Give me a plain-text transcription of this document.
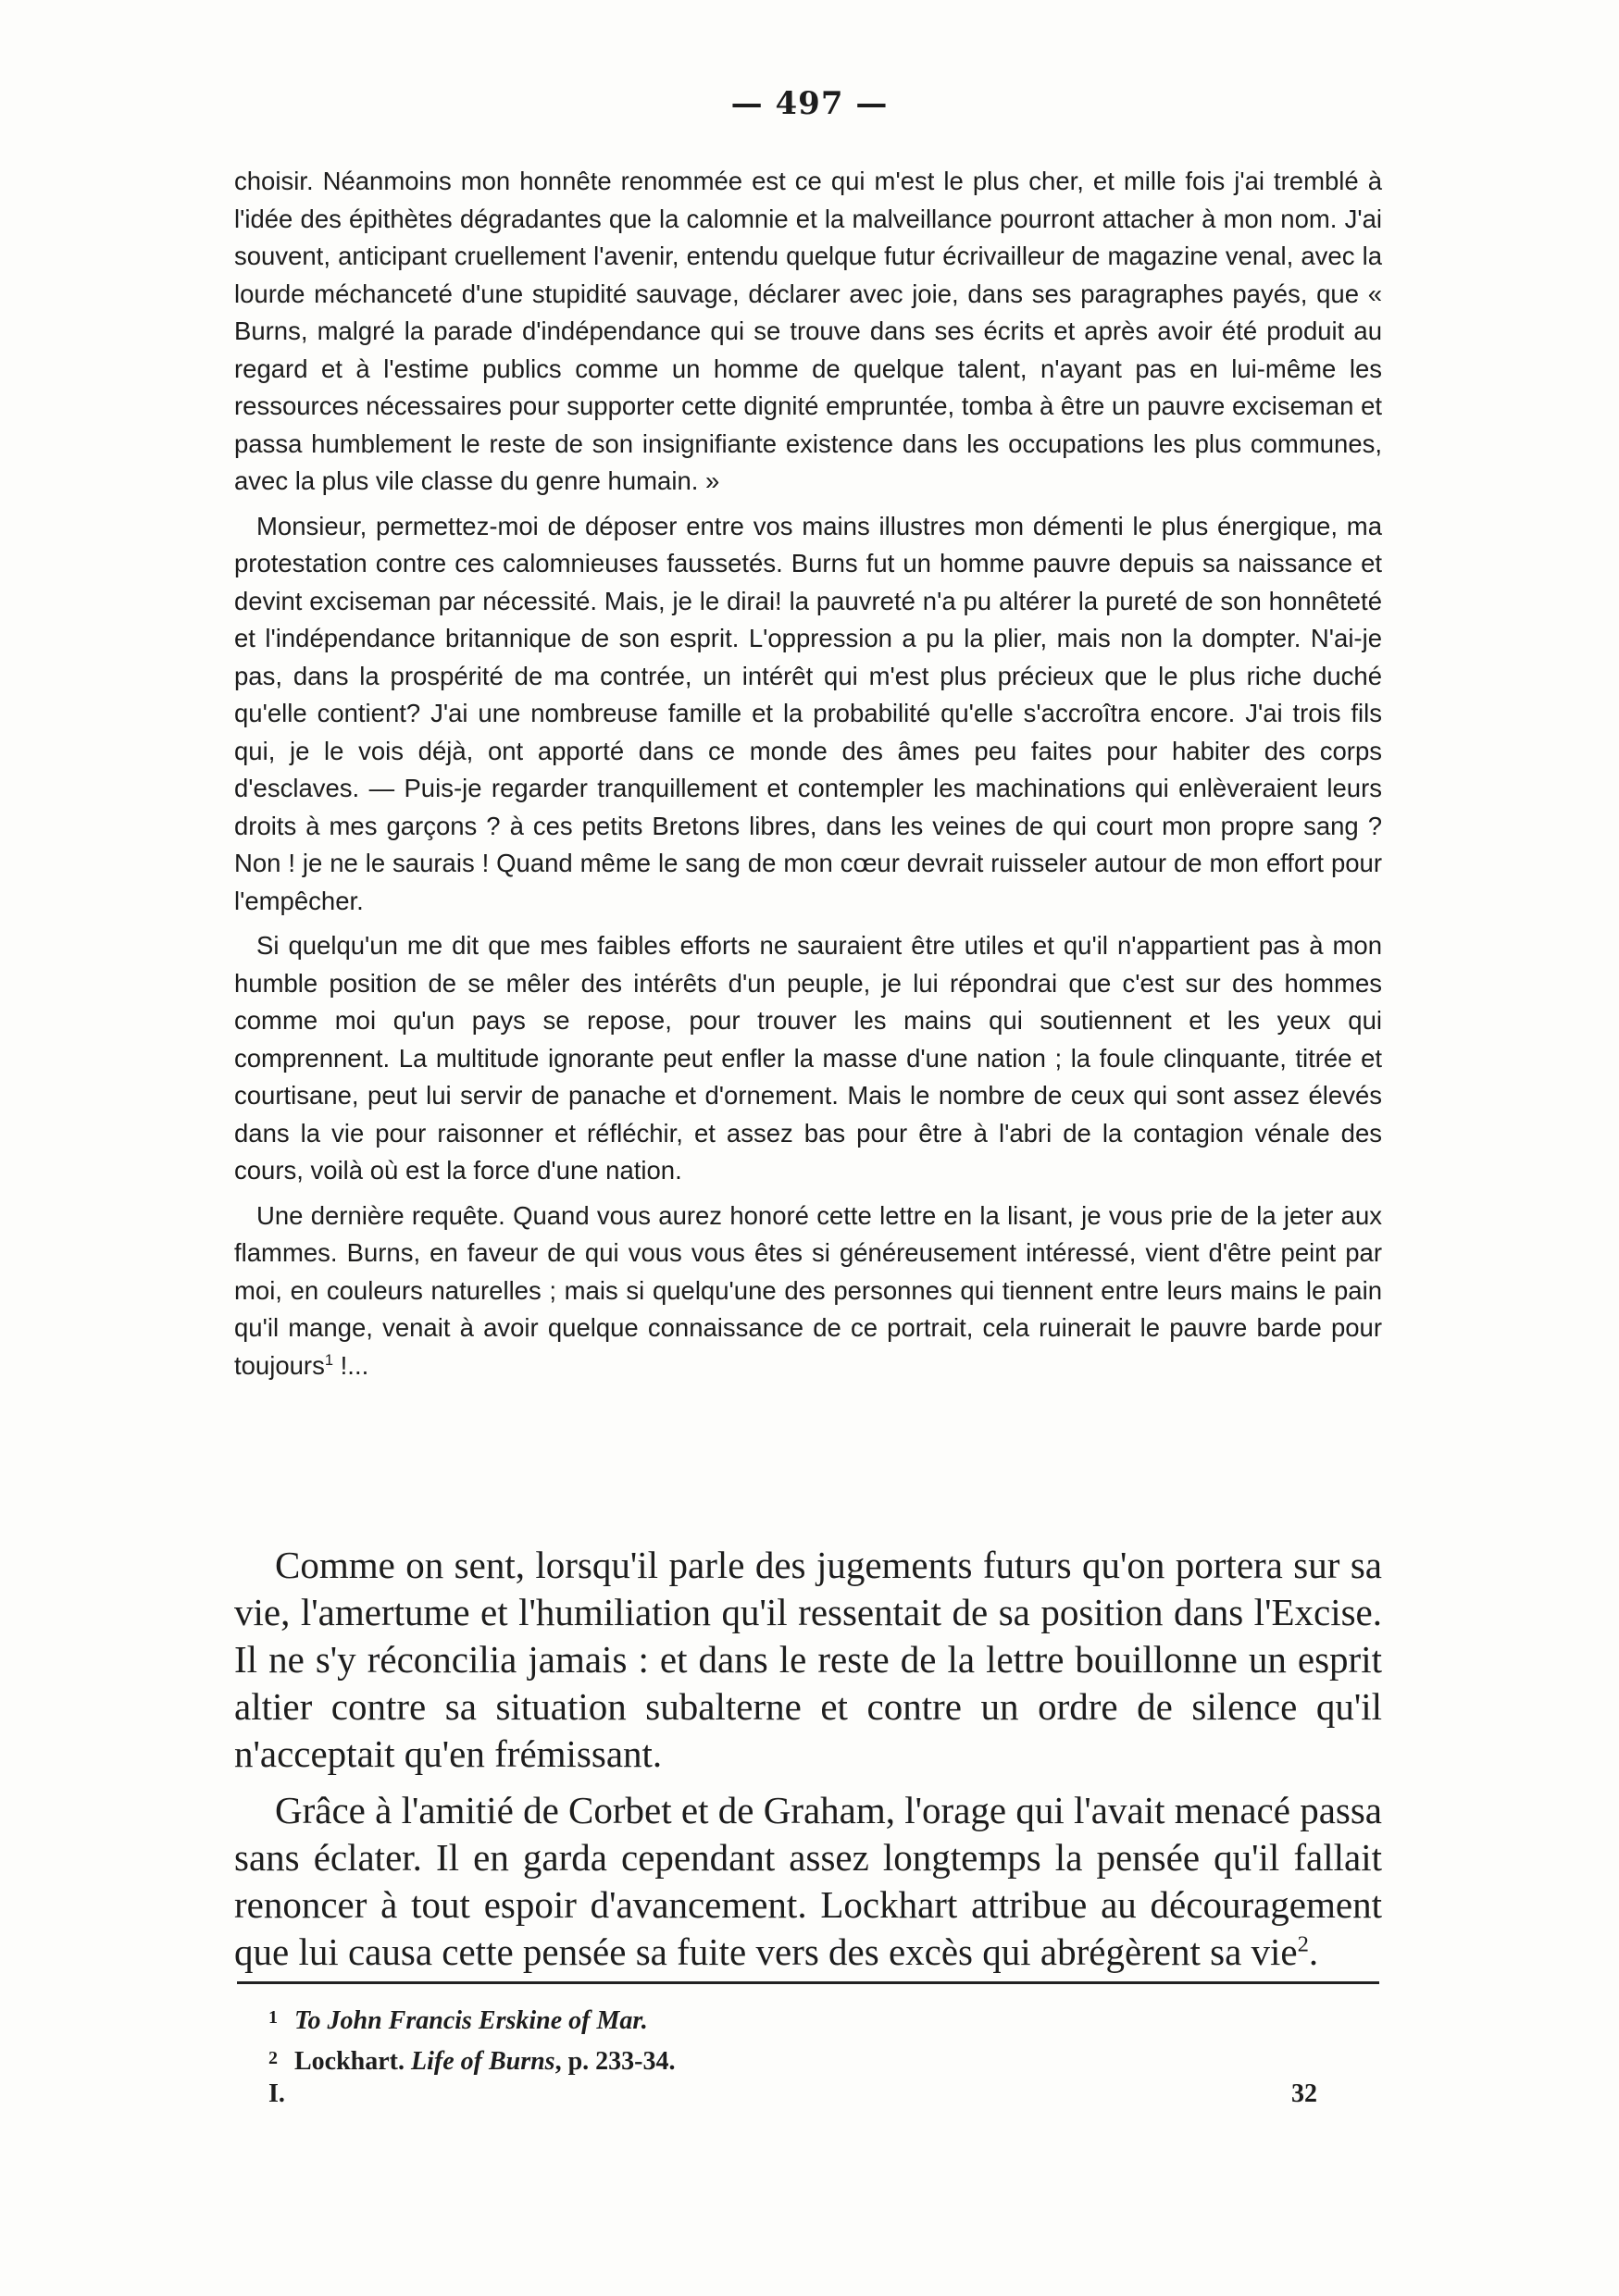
— 497 —

choisir. Néanmoins mon honnête renommée est ce qui m'est le plus cher, et mille fois j'ai tremblé à l'idée des épithètes dégradantes que la calomnie et la malveillance pourront attacher à mon nom. J'ai souvent, anticipant cruellement l'avenir, entendu quelque futur écrivailleur de magazine venal, avec la lourde méchanceté d'une stupidité sauvage, déclarer avec joie, dans ses paragraphes payés, que « Burns, malgré la parade d'indépendance qui se trouve dans ses écrits et après avoir été produit au regard et à l'estime publics comme un homme de quelque talent, n'ayant pas en lui-même les ressources nécessaires pour supporter cette dignité empruntée, tomba à être un pauvre exciseman et passa humblement le reste de son insignifiante existence dans les occupations les plus communes, avec la plus vile classe du genre humain. »

Monsieur, permettez-moi de déposer entre vos mains illustres mon démenti le plus énergique, ma protestation contre ces calomnieuses faussetés. Burns fut un homme pauvre depuis sa naissance et devint exciseman par nécessité. Mais, je le dirai! la pauvreté n'a pu altérer la pureté de son honnêteté et l'indépendance britannique de son esprit. L'oppression a pu la plier, mais non la dompter. N'ai-je pas, dans la prospérité de ma contrée, un intérêt qui m'est plus précieux que le plus riche duché qu'elle contient? J'ai une nombreuse famille et la probabilité qu'elle s'accroîtra encore. J'ai trois fils qui, je le vois déjà, ont apporté dans ce monde des âmes peu faites pour habiter des corps d'esclaves. — Puis-je regarder tranquillement et contempler les machinations qui enlèveraient leurs droits à mes garçons ? à ces petits Bretons libres, dans les veines de qui court mon propre sang ? Non ! je ne le saurais ! Quand même le sang de mon cœur devrait ruisseler autour de mon effort pour l'empêcher.

Si quelqu'un me dit que mes faibles efforts ne sauraient être utiles et qu'il n'appartient pas à mon humble position de se mêler des intérêts d'un peuple, je lui répondrai que c'est sur des hommes comme moi qu'un pays se repose, pour trouver les mains qui soutiennent et les yeux qui comprennent. La multitude ignorante peut enfler la masse d'une nation ; la foule clinquante, titrée et courtisane, peut lui servir de panache et d'ornement. Mais le nombre de ceux qui sont assez élevés dans la vie pour raisonner et réfléchir, et assez bas pour être à l'abri de la contagion vénale des cours, voilà où est la force d'une nation.

Une dernière requête. Quand vous aurez honoré cette lettre en la lisant, je vous prie de la jeter aux flammes. Burns, en faveur de qui vous vous êtes si généreusement intéressé, vient d'être peint par moi, en couleurs naturelles ; mais si quelqu'une des personnes qui tiennent entre leurs mains le pain qu'il mange, venait à avoir quelque connaissance de ce portrait, cela ruinerait le pauvre barde pour toujours$^1$ !...

Comme on sent, lorsqu'il parle des jugements futurs qu'on portera sur sa vie, l'amertume et l'humiliation qu'il ressentait de sa position dans l'Excise. Il ne s'y réconcilia jamais : et dans le reste de la lettre bouillonne un esprit altier contre sa situation subalterne et contre un ordre de silence qu'il n'acceptait qu'en frémissant.

Grâce à l'amitié de Corbet et de Graham, l'orage qui l'avait menacé passa sans éclater. Il en garda cependant assez longtemps la pensée qu'il fallait renoncer à tout espoir d'avancement. Lockhart attribue au découragement que lui causa cette pensée sa fuite vers des excès qui abrégèrent sa vie$^2$.

1 To John Francis Erskine of Mar.
2 Lockhart. Life of Burns, p. 233-34.
I.	32
